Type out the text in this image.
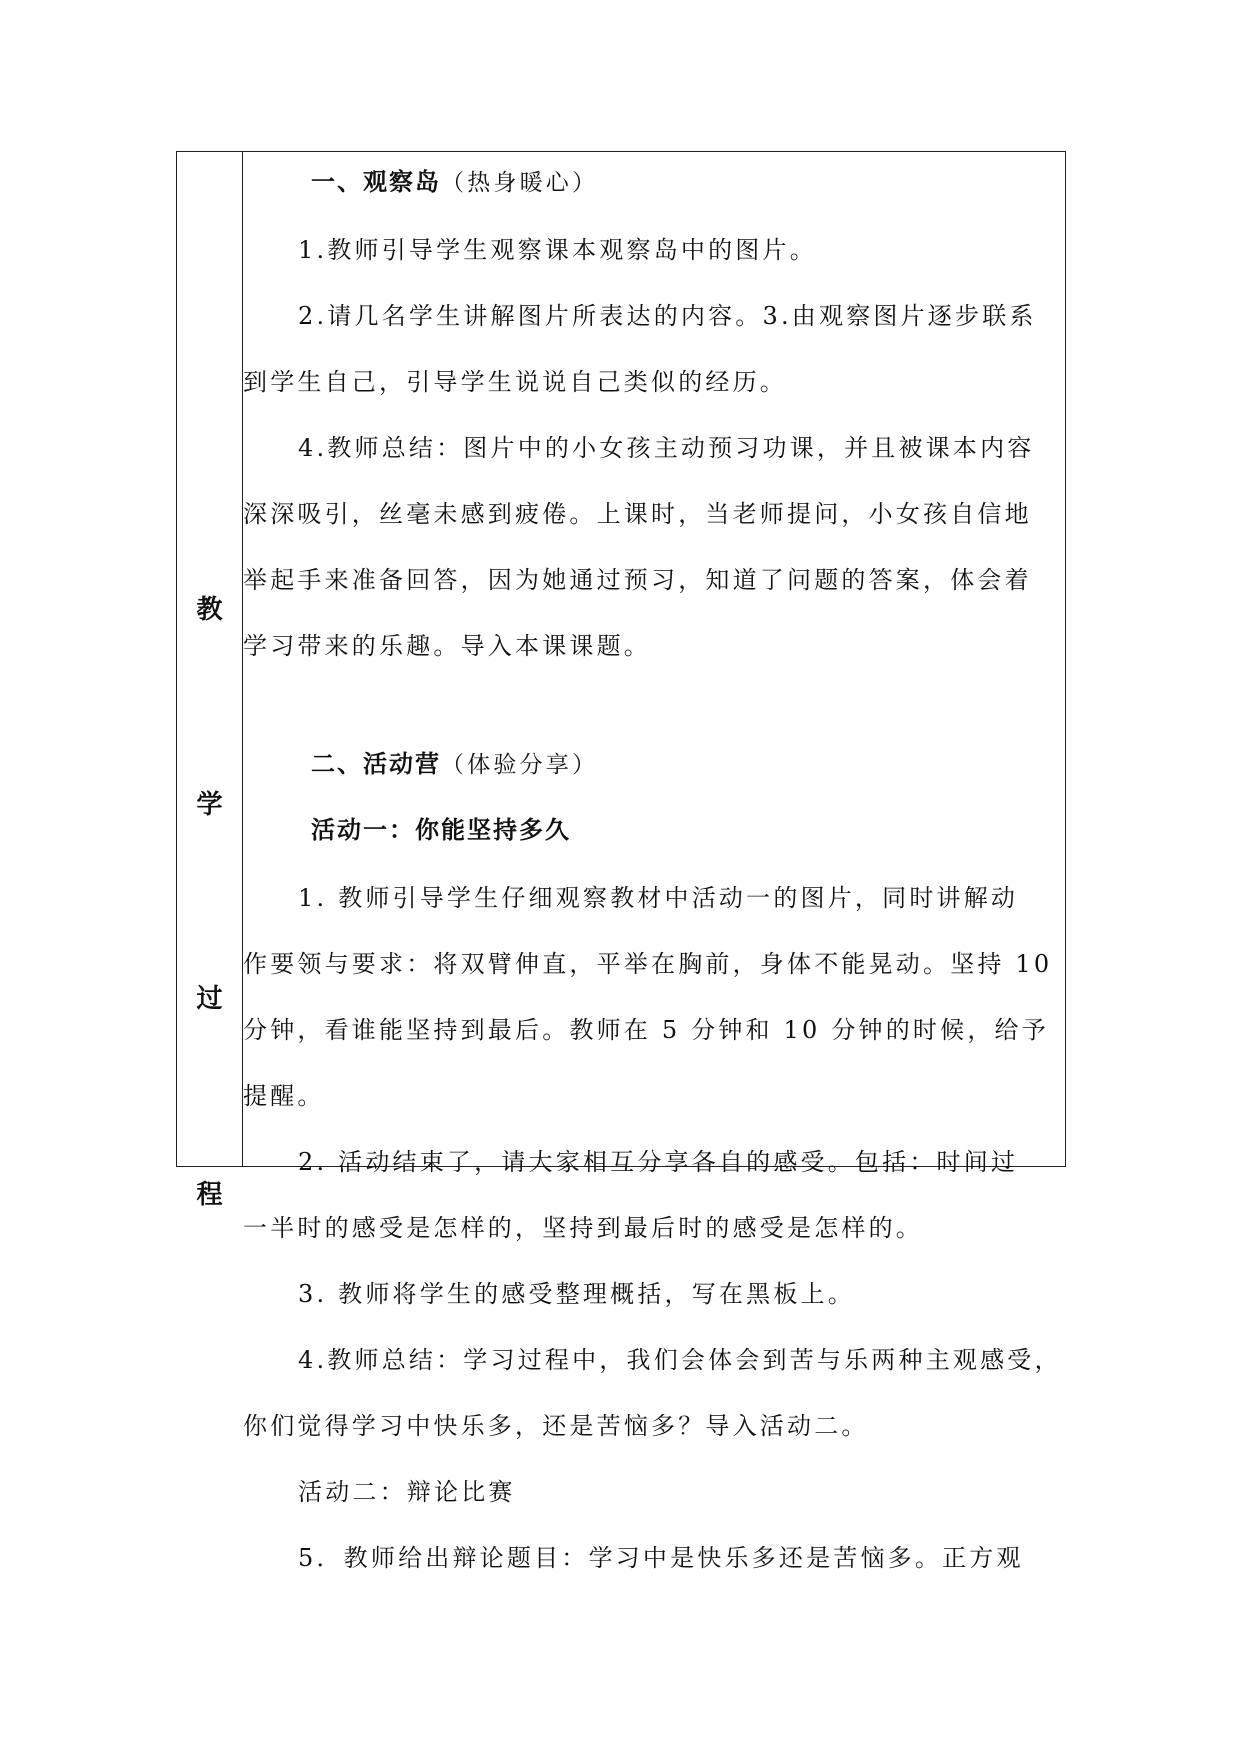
教
学
过
程
一、观察岛（热身暖心）
1.教师引导学生观察课本观察岛中的图片。
2.请几名学生讲解图片所表达的内容。3.由观察图片逐步联系
到学生自己，引导学生说说自己类似的经历。
4.教师总结：图片中的小女孩主动预习功课，并且被课本内容
深深吸引，丝毫未感到疲倦。上课时，当老师提问，小女孩自信地
举起手来准备回答，因为她通过预习，知道了问题的答案，体会着
学习带来的乐趣。导入本课课题。
二、活动营（体验分享）
活动一：你能坚持多久
1. 教师引导学生仔细观察教材中活动一的图片，同时讲解动
作要领与要求：将双臂伸直，平举在胸前，身体不能晃动。坚持 10
分钟，看谁能坚持到最后。教师在 5 分钟和 10 分钟的时候，给予
提醒。
2. 活动结束了，请大家相互分享各自的感受。包括：时间过
一半时的感受是怎样的，坚持到最后时的感受是怎样的。
3. 教师将学生的感受整理概括，写在黑板上。
4.教师总结：学习过程中，我们会体会到苦与乐两种主观感受，
你们觉得学习中快乐多，还是苦恼多？导入活动二。
活动二：辩论比赛
5．教师给出辩论题目：学习中是快乐多还是苦恼多。正方观
